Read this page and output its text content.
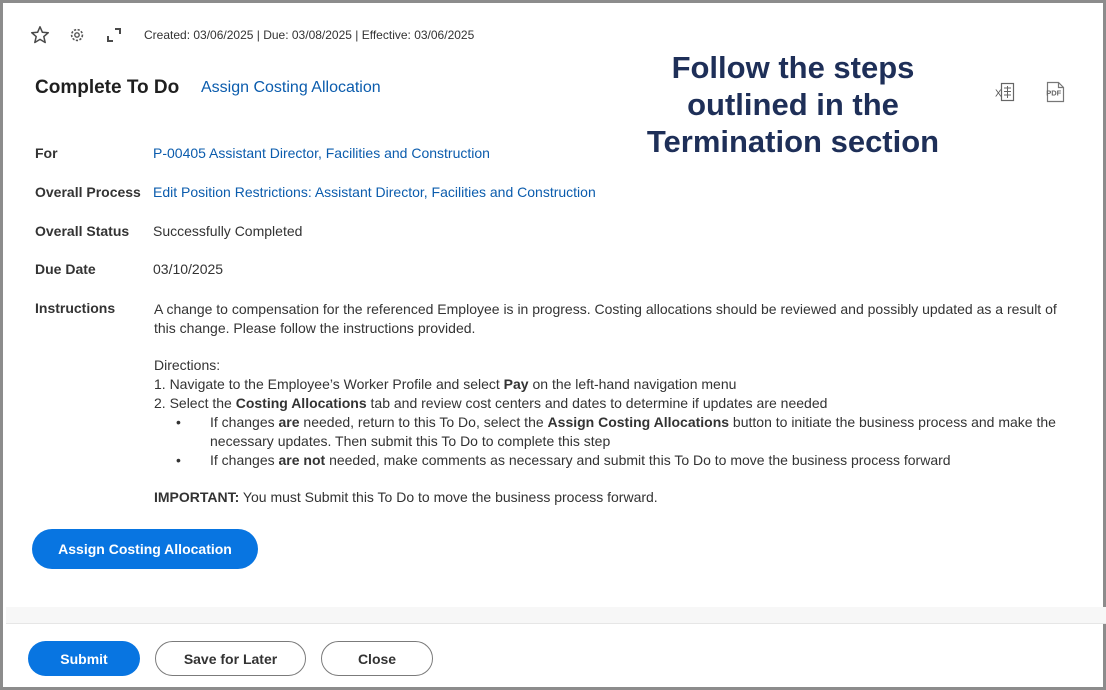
Created: 03/06/2025 | Due: 03/08/2025 | Effective: 03/06/2025
Complete To Do Assign Costing Allocation
Follow the steps
outlined in the
Termination section
X	PDF
For	P-00405 Assistant Director, Facilities and Construction
Overall Process Edit Position Restrictions: Assistant Director, Facilities and Construction
Overall Status Successfully Completed
Due Date	03/10/2025
Instructions	A change to compensation for the referenced Employee is in progress. Costing allocations should be reviewed and possibly updated as a result of this change. Please follow the instructions provided.

Directions:

1. Navigate to the Employee’s Worker Profile and select Pay on the left-hand navigation menu

2. Select the Costing Allocations tab and review cost centers and dates to determine if updates are needed

•	If changes are needed, return to this To Do, select the Assign Costing Allocations button to initiate the business process and make the necessary updates. Then submit this To Do to complete this step
•	If changes are not needed, make comments as necessary and submit this To Do to move the business process forward

IMPORTANT: You must Submit this To Do to move the business process forward.

Assign Costing Allocation
Submit	Save for Later	Close
